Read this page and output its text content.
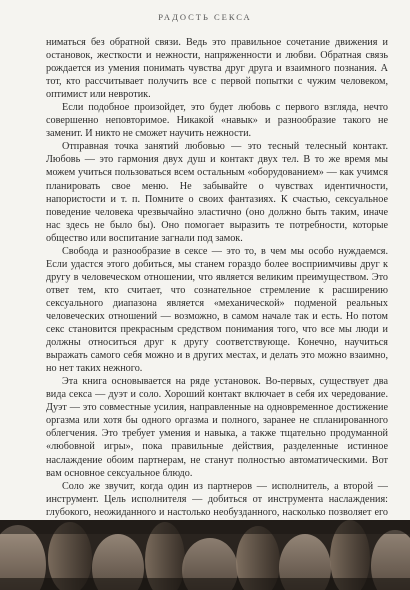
РАДОСТЬ СЕКСА

ниматься без обратной связи. Ведь это правильное сочетание движения и остановок, жесткости и нежности, напряженности и любви. Обратная связь рождается из умения понимать чувства друг друга и взаимного познания. А тот, кто рассчитывает получить все с первой попытки с чужим человеком, оптимист или невротик.

Если подобное произойдет, это будет любовь с первого взгляда, нечто совершенно неповторимое. Никакой «навык» и разнообразие такого не заменит. И никто не сможет научить нежности.

Отправная точка занятий любовью — это тесный телесный контакт. Любовь — это гармония двух душ и контакт двух тел. В то же время мы можем учиться пользоваться всем остальным «оборудованием» — как учимся планировать свое меню. Не забывайте о чувствах идентичности, напористости и т. п. Помните о своих фантазиях. К счастью, сексуальное поведение человека чрезвычайно эластично (оно должно быть таким, иначе нас здесь не было бы). Оно помогает выразить те потребности, которые общество или воспитание загнали под замок.

Свобода и разнообразие в сексе — это то, в чем мы особо нуждаемся. Если удастся этого добиться, мы станем гораздо более восприимчивы друг к другу в человеческом отношении, что является великим преимуществом. Это ответ тем, кто считает, что сознательное стремление к расширению сексуального диапазона является «механической» подменой реальных человеческих отношений — возможно, в самом начале так и есть. Но потом секс становится прекрасным средством понимания того, что все мы люди и должны относиться друг к другу соответствующе. Конечно, научиться выражать самого себя можно и в других местах, и делать это можно взаимно, но нет таких нежного.

Эта книга основывается на ряде установок. Во-первых, существует два вида секса — дуэт и соло. Хороший контакт включает в себя их чередование. Дуэт — это совместные усилия, направленные на одновременное достижение оргазма или хотя бы одного оргазма и полного, заранее не спланированного облегчения. Это требует умения и навыка, а также тщательно продуманной «любовной игры», пока правильные действия, разделенные истинное наслаждение обоим партнерам, не станут полностью автоматическими. Вот вам основное сексуальное блюдо.

Соло же звучит, когда один из партнеров — исполнитель, а второй — инструмент. Цель исполнителя — добиться от инструмента наслаждения: глубокого, неожиданного и настолько необузданного, насколько позволяет его
